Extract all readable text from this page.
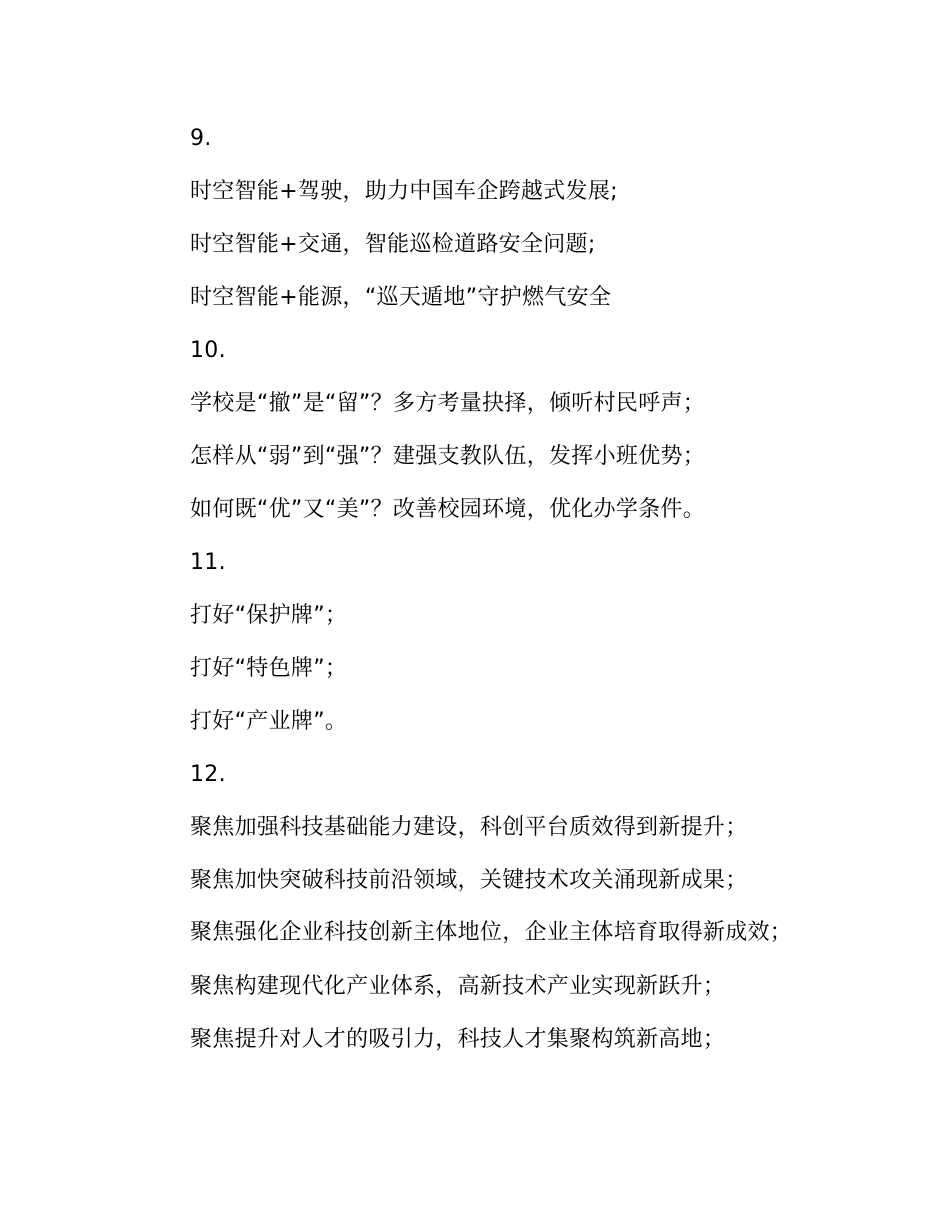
9.

时空智能+驾驶，助力中国车企跨越式发展;

时空智能+交通，智能巡检道路安全问题;

时空智能+能源，“巡天遁地”守护燃气安全

10.

学校是“撤”是“留”？多方考量抉择，倾听村民呼声；

怎样从“弱”到“强”？建强支教队伍，发挥小班优势；

如何既“优”又“美”？改善校园环境，优化办学条件。

11.

打好“保护牌”；

打好“特色牌”；

打好“产业牌”。

12.

聚焦加强科技基础能力建设，科创平台质效得到新提升；

聚焦加快突破科技前沿领域，关键技术攻关涌现新成果；

聚焦强化企业科技创新主体地位，企业主体培育取得新成效；

聚焦构建现代化产业体系，高新技术产业实现新跃升；

聚焦提升对人才的吸引力，科技人才集聚构筑新高地；
